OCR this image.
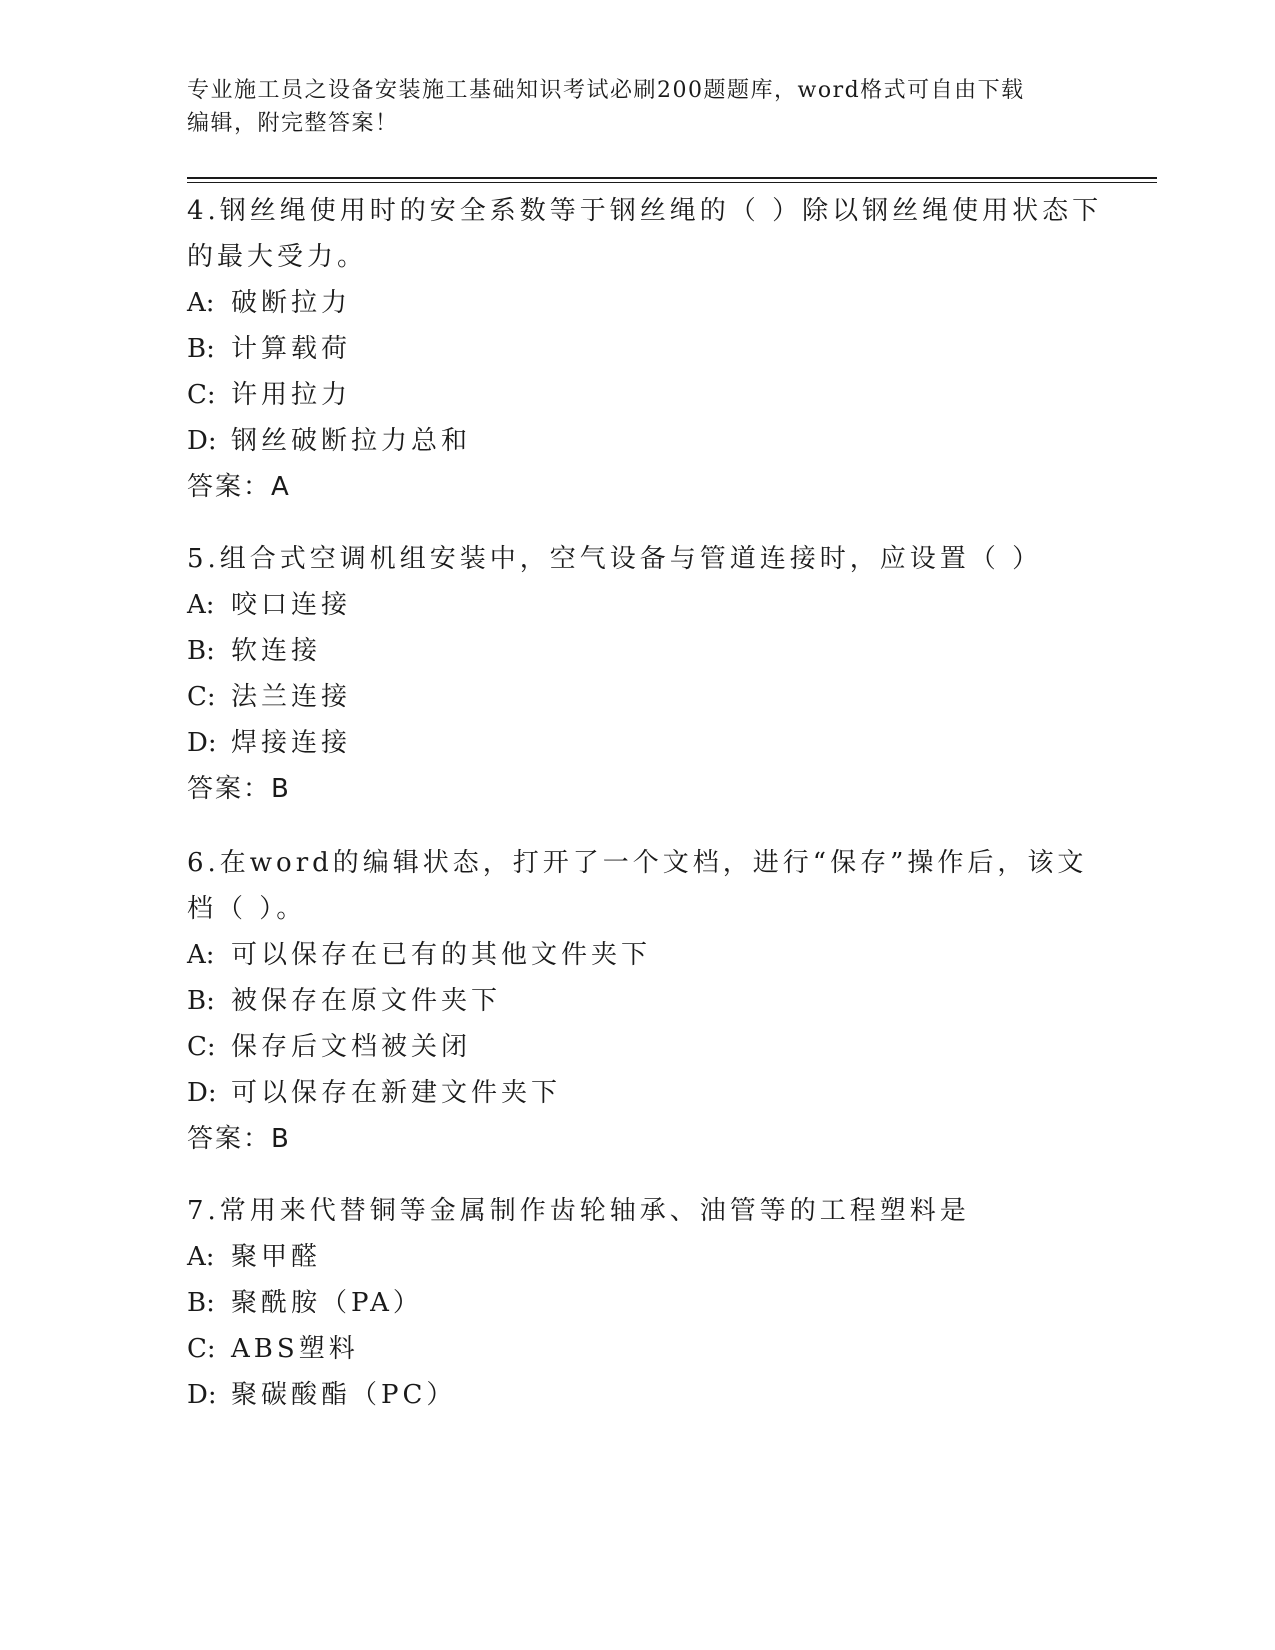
专业施工员之设备安装施工基础知识考试必刷200题题库，word格式可自由下载
编辑，附完整答案！
4.钢丝绳使用时的安全系数等于钢丝绳的（ ）除以钢丝绳使用状态下
的最大受力。
A: 破断拉力
B: 计算载荷
C: 许用拉力
D: 钢丝破断拉力总和
答案：A
5.组合式空调机组安装中，空气设备与管道连接时，应设置（ ）
A: 咬口连接
B: 软连接
C: 法兰连接
D: 焊接连接
答案：B
6.在word的编辑状态，打开了一个文档，进行“保存”操作后，该文
档（ ）。
A: 可以保存在已有的其他文件夹下
B: 被保存在原文件夹下
C: 保存后文档被关闭
D: 可以保存在新建文件夹下
答案：B
7.常用来代替铜等金属制作齿轮轴承、油管等的工程塑料是
A: 聚甲醛
B: 聚酰胺（PA）
C: ABS塑料
D: 聚碳酸酯（PC）
